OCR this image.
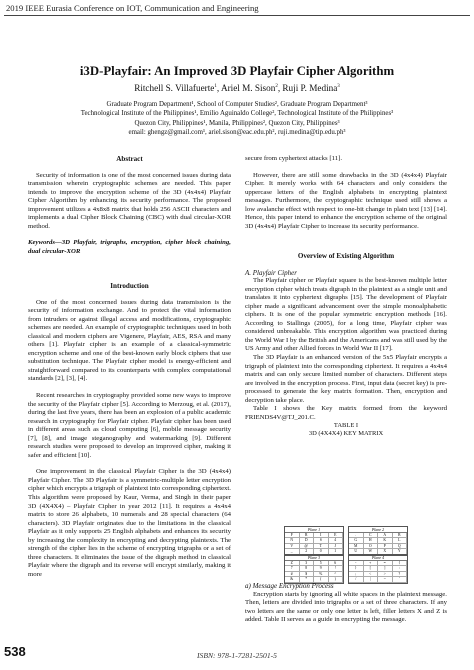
2019 IEEE Eurasia Conference on IOT, Communication and Engineering
i3D-Playfair: An Improved 3D Playfair Cipher Algorithm
Ritchell S. Villafuerte$^1$, Ariel M. Sison$^2$, Ruji P. Medina$^3$
Graduate Program Department¹, School of Computer Studies², Graduate Program Department³
Technological Institute of the Philippines¹, Emilio Aguinaldo College², Technological Institute of the Philippines³
Quezon City, Philippines¹, Manila, Philippines², Quezon City, Philippines³
email: ghengz@gmail.com¹, ariel.sison@eac.edu.ph², ruji.medina@tip.edu.ph³
Abstract

Security of information is one of the most concerned issues during data transmission wherein cryptographic schemes are needed. This paper intends to improve the encryption scheme of the 3D (4x4x4) Playfair Cipher Algorithm by enhancing its security performance. The proposed improvement utilizes a 4x8x8 matrix that holds 256 ASCII characters and implements a dual Cipher Block Chaining (CBC) with dual circular-XOR method.

Keywords—3D Playfair, trigraphs, encryption, cipher block chaining, dual circular-XOR

Introduction

One of the most concerned issues during data transmission is the security of information exchange. And to protect the vital information from intruders or against illegal access and modifications, cryptographic schemes are needed. An example of cryptographic techniques used in both classical and modern ciphers are Vigenere, Playfair, AES, RSA and many others [1]. Playfair cipher is an example of a classical-symmetric encryption scheme and one of the best-known early block ciphers that use substitution technique. The Playfair cipher model is energy-efficient and straightforward compared to its counterparts with complex computational standards [2], [3], [4].

Recent researches in cryptography provided some new ways to improve the security of the Playfair cipher [5]. According to Merzoug, et al. (2017), during the last five years, there has been an explosion of a public academic research in cryptography for Playfair cipher. Playfair cipher has been used in different areas such as cloud computing [6], mobile message security [7], [8], and image steganography and watermarking [9]. Different research studies were proposed to develop an improved cipher, making it safer and efficient [10].

One improvement in the classical Playfair Cipher is the 3D (4x4x4) Playfair Cipher. The 3D Playfair is a symmetric-multiple letter encryption cipher which encrypts a trigraph of plaintext into corresponding ciphertext. This algorithm were proposed by Kaur, Verma, and Singh in their paper 3D (4X4X4) – Playfair Cipher in year 2012 [11]. It requires a 4x4x4 matrix to store 26 alphabets, 10 numerals and 28 special characters (64 characters). 3D Playfair originates due to the limitations in the classical Playfair as it only supports 25 English alphabets and enhances its security by increasing the complexity in encrypting and decrypting plaintexts. The strength of the cipher lies in the scheme of encrypting trigraphs or a set of three characters. It eliminates the issue of the digraph method in classical Playfair where the digraph and its reverse will encrypt similarly, making it more

secure from cyphertext attacks [11].

However, there are still some drawbacks in the 3D (4x4x4) Playfair Cipher. It merely works with 64 characters and only considers the uppercase letters of the English alphabets in encrypting plaintext messages. Furthermore, the cryptographic technique used still shows a low avalanche effect with respect to one-bit change in plain text [13] [14]. Hence, this paper intend to enhance the encryption scheme of the original 3D (4x4x4) Playfair Cipher to increase its security performance.

Overview of Existing Algorithm
A. Playfair Cipher

The Playfair cipher or Playfair square is the best-known multiple letter encryption cipher which treats digraph in the plaintext as a single unit and translates it into cyphertext digraphs [15]. The development of Playfair cipher made a significant advancement over the simple monoalphabetic ciphers. It is one of the popular symmetric encryption methods [16]. According to Stallings (2005), for a long time, Playfair cipher was considered unbreakable. This encryption algorithm was practiced during the World War I by the British and the Americans and was still used by the US Army and other Allied forces in World War II [17].

The 3D Playfair is an enhanced version of the 5x5 Playfair encrypts a trigraph of plaintext into the corresponding ciphertext. It requires a 4x4x4 matrix and can only secure limited number of characters. Different steps are involved in the encryption process. First, input data (secret key) is pre-processed to generate the key matrix formation. Then, encryption and decryption take place.

Table I shows the Key matrix formed from the keyword FRIENDS4V@TJ_201.C.

TABLE I
3D (4X4X4) KEY MATRIX
Plane 1
F	R	I	E
N	D	S	4
V	@	T	J
_	2	0	1
Plane 2
.	C	A	B
G	H	K	L
M	O	P	Q
U	W	X	Y
Plane 3
Z	3	5	6
7	8	9	!
#	$	%	^
&	*	(	)
Plane 4
-	+	=	{
}	[	]	:
;	<	>	?
/	|	~	'
a) Message Encryption Process

Encryption starts by ignoring all white spaces in the plaintext message. Then, letters are divided into trigraphs or a set of three characters. If any two letters are the same or only one letter is left, filler letters X and Z is added. Table II serves as a guide in encrypting the message.

538	ISBN: 978-1-7281-2501-5
